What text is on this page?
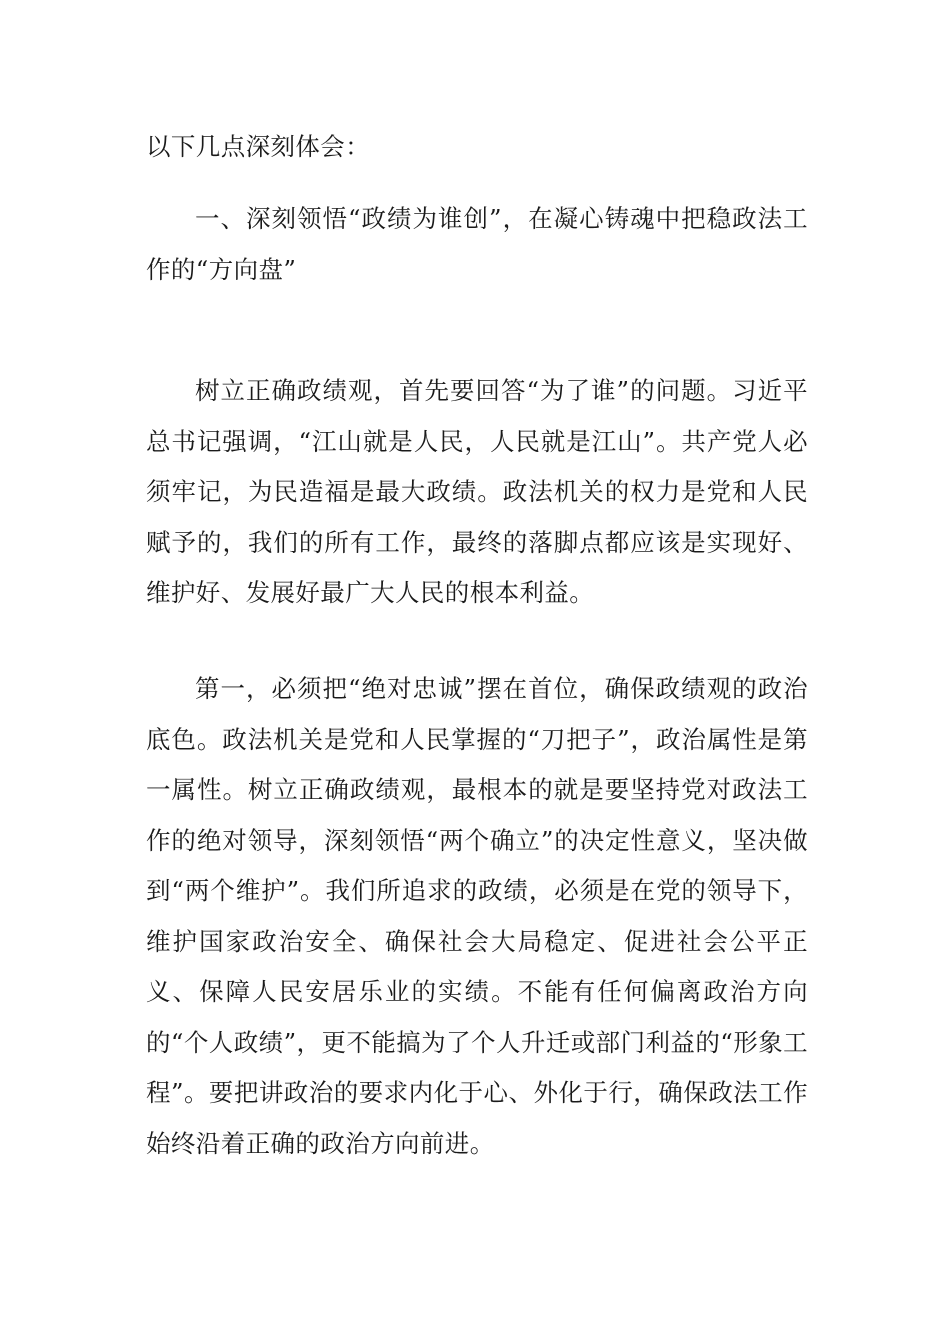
以下几点深刻体会：

一、深刻领悟“政绩为谁创”，在凝心铸魂中把稳政法工作的“方向盘”

树立正确政绩观，首先要回答“为了谁”的问题。习近平总书记强调，“江山就是人民，人民就是江山”。共产党人必须牢记，为民造福是最大政绩。政法机关的权力是党和人民赋予的，我们的所有工作，最终的落脚点都应该是实现好、维护好、发展好最广大人民的根本利益。

第一，必须把“绝对忠诚”摆在首位，确保政绩观的政治底色。政法机关是党和人民掌握的“刀把子”，政治属性是第一属性。树立正确政绩观，最根本的就是要坚持党对政法工作的绝对领导，深刻领悟“两个确立”的决定性意义，坚决做到“两个维护”。我们所追求的政绩，必须是在党的领导下，维护国家政治安全、确保社会大局稳定、促进社会公平正义、保障人民安居乐业的实绩。不能有任何偏离政治方向的“个人政绩”，更不能搞为了个人升迁或部门利益的“形象工程”。要把讲政治的要求内化于心、外化于行，确保政法工作始终沿着正确的政治方向前进。
